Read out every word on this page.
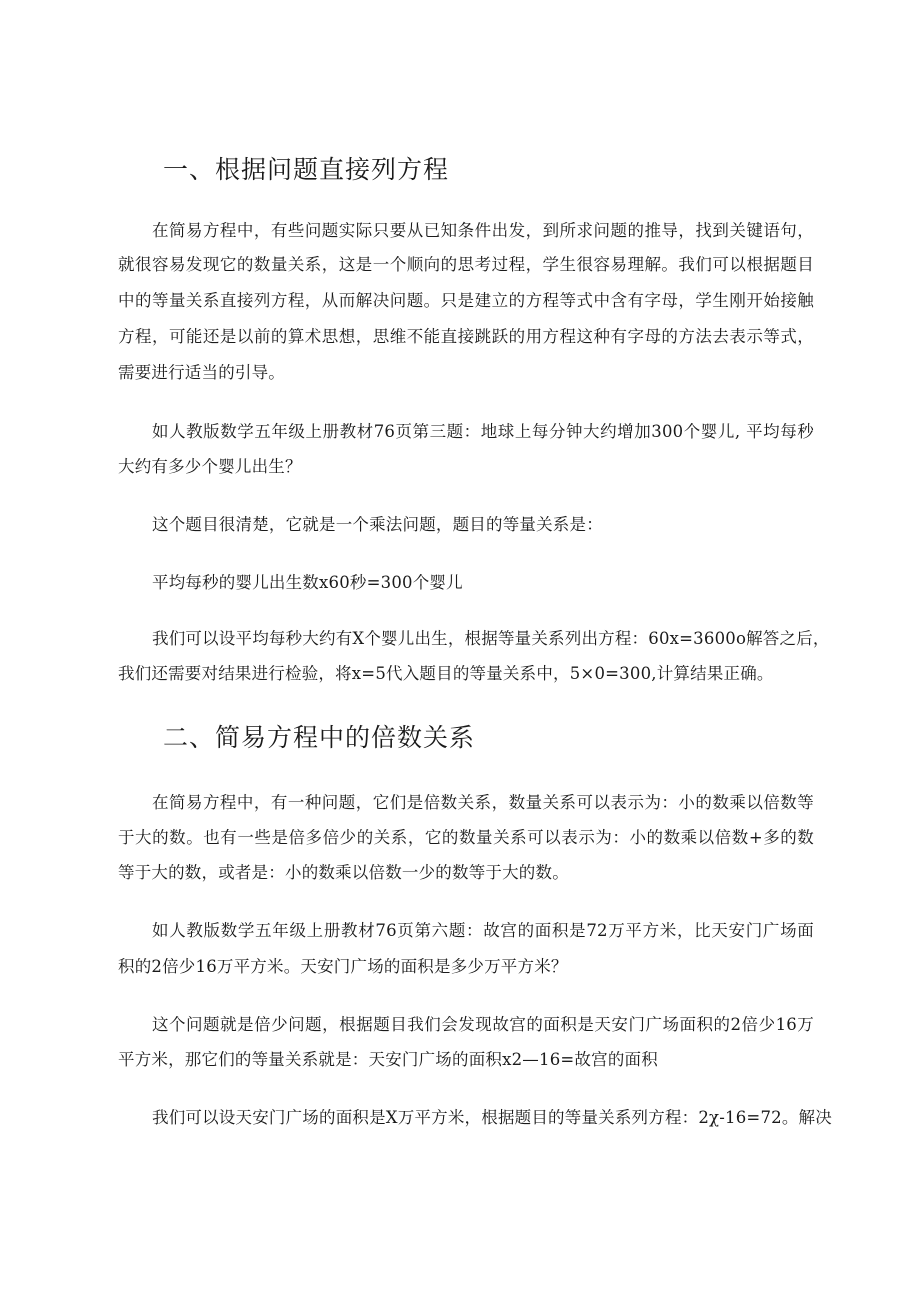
一、根据问题直接列方程
在简易方程中，有些问题实际只要从已知条件出发，到所求问题的推导，找到关键语句，
就很容易发现它的数量关系，这是一个顺向的思考过程，学生很容易理解。我们可以根据题目
中的等量关系直接列方程，从而解决问题。只是建立的方程等式中含有字母，学生刚开始接触
方程，可能还是以前的算术思想，思维不能直接跳跃的用方程这种有字母的方法去表示等式，
需要进行适当的引导。
如人教版数学五年级上册教材76页第三题：地球上每分钟大约增加300个婴儿, 平均每秒
大约有多少个婴儿出生？
这个题目很清楚，它就是一个乘法问题，题目的等量关系是：
平均每秒的婴儿出生数x60秒=300个婴儿
我们可以设平均每秒大约有X个婴儿出生，根据等量关系列出方程：60x=3600o解答之后，
我们还需要对结果进行检验，将x=5代入题目的等量关系中，5×0=300,计算结果正确。
二、简易方程中的倍数关系
在简易方程中，有一种问题，它们是倍数关系，数量关系可以表示为：小的数乘以倍数等
于大的数。也有一些是倍多倍少的关系，它的数量关系可以表示为：小的数乘以倍数+多的数
等于大的数，或者是：小的数乘以倍数一少的数等于大的数。
如人教版数学五年级上册教材76页第六题：故宫的面积是72万平方米，比天安门广场面
积的2倍少16万平方米。天安门广场的面积是多少万平方米？
这个问题就是倍少问题，根据题目我们会发现故宫的面积是天安门广场面积的2倍少16万
平方米，那它们的等量关系就是：天安门广场的面积x2—16=故宫的面积
我们可以设天安门广场的面积是X万平方米，根据题目的等量关系列方程：2χ-16=72。解决
